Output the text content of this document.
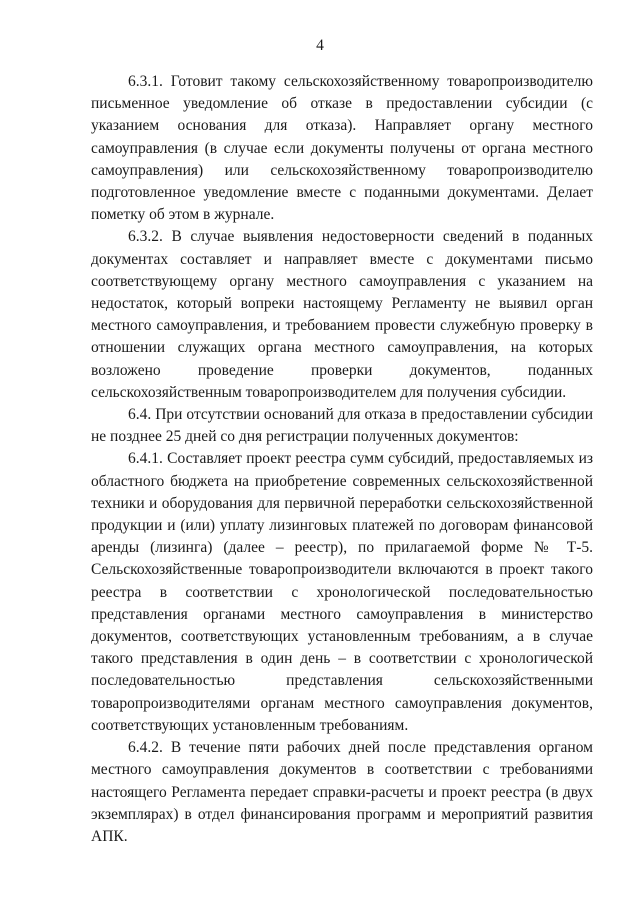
4

6.3.1. Готовит такому сельскохозяйственному товаропроизводителю письменное уведомление об отказе в предоставлении субсидии (с указанием основания для отказа). Направляет органу местного самоуправления (в случае если документы получены от органа местного самоуправления) или сельскохозяйственному товаропроизводителю подготовленное уведомление вместе с поданными документами. Делает пометку об этом в журнале.

6.3.2. В случае выявления недостоверности сведений в поданных документах составляет и направляет вместе с документами письмо соответствующему органу местного самоуправления с указанием на недостаток, который вопреки настоящему Регламенту не выявил орган местного самоуправления, и требованием провести служебную проверку в отношении служащих органа местного самоуправления, на которых возложено проведение проверки документов, поданных сельскохозяйственным товаропроизводителем для получения субсидии.

6.4. При отсутствии оснований для отказа в предоставлении субсидии не позднее 25 дней со дня регистрации полученных документов:

6.4.1. Составляет проект реестра сумм субсидий, предоставляемых из областного бюджета на приобретение современных сельскохозяйственной техники и оборудования для первичной переработки сельскохозяйственной продукции и (или) уплату лизинговых платежей по договорам финансовой аренды (лизинга) (далее – реестр), по прилагаемой форме № Т-5. Сельскохозяйственные товаропроизводители включаются в проект такого реестра в соответствии с хронологической последовательностью представления органами местного самоуправления в министерство документов, соответствующих установленным требованиям, а в случае такого представления в один день – в соответствии с хронологической последовательностью представления сельскохозяйственными товаропроизводителями органам местного самоуправления документов, соответствующих установленным требованиям.

6.4.2. В течение пяти рабочих дней после представления органом местного самоуправления документов в соответствии с требованиями настоящего Регламента передает справки-расчеты и проект реестра (в двух экземплярах) в отдел финансирования программ и мероприятий развития АПК.
